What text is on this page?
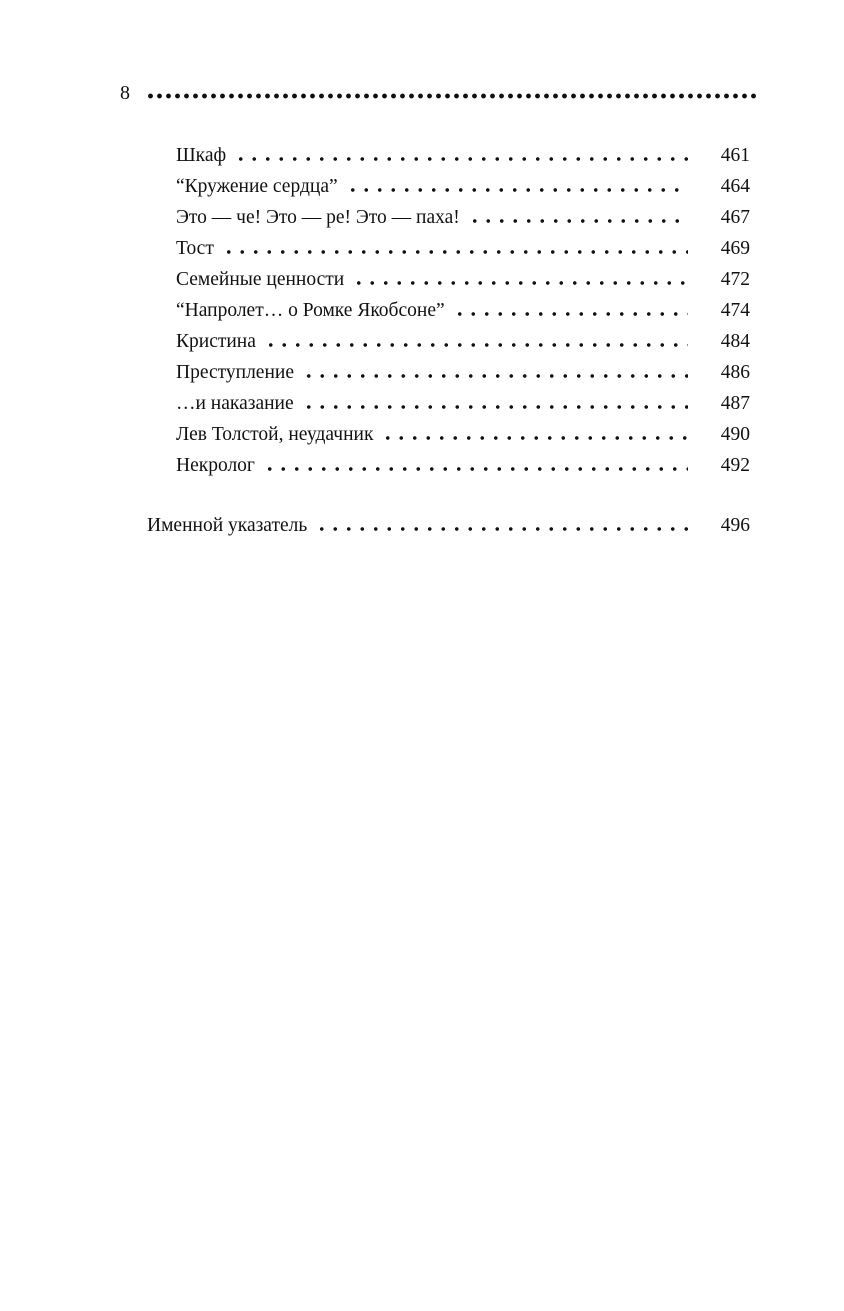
8
Шкаф	461
“Кружение сердца”	464
Это — че! Это — ре! Это — паха!	467
Тост	469
Семейные ценности	472
“Напролет… о Ромке Якобсоне”	474
Кристина	484
Преступление	486
…и наказание	487
Лев Толстой, неудачник	490
Некролог	492
Именной указатель	496
